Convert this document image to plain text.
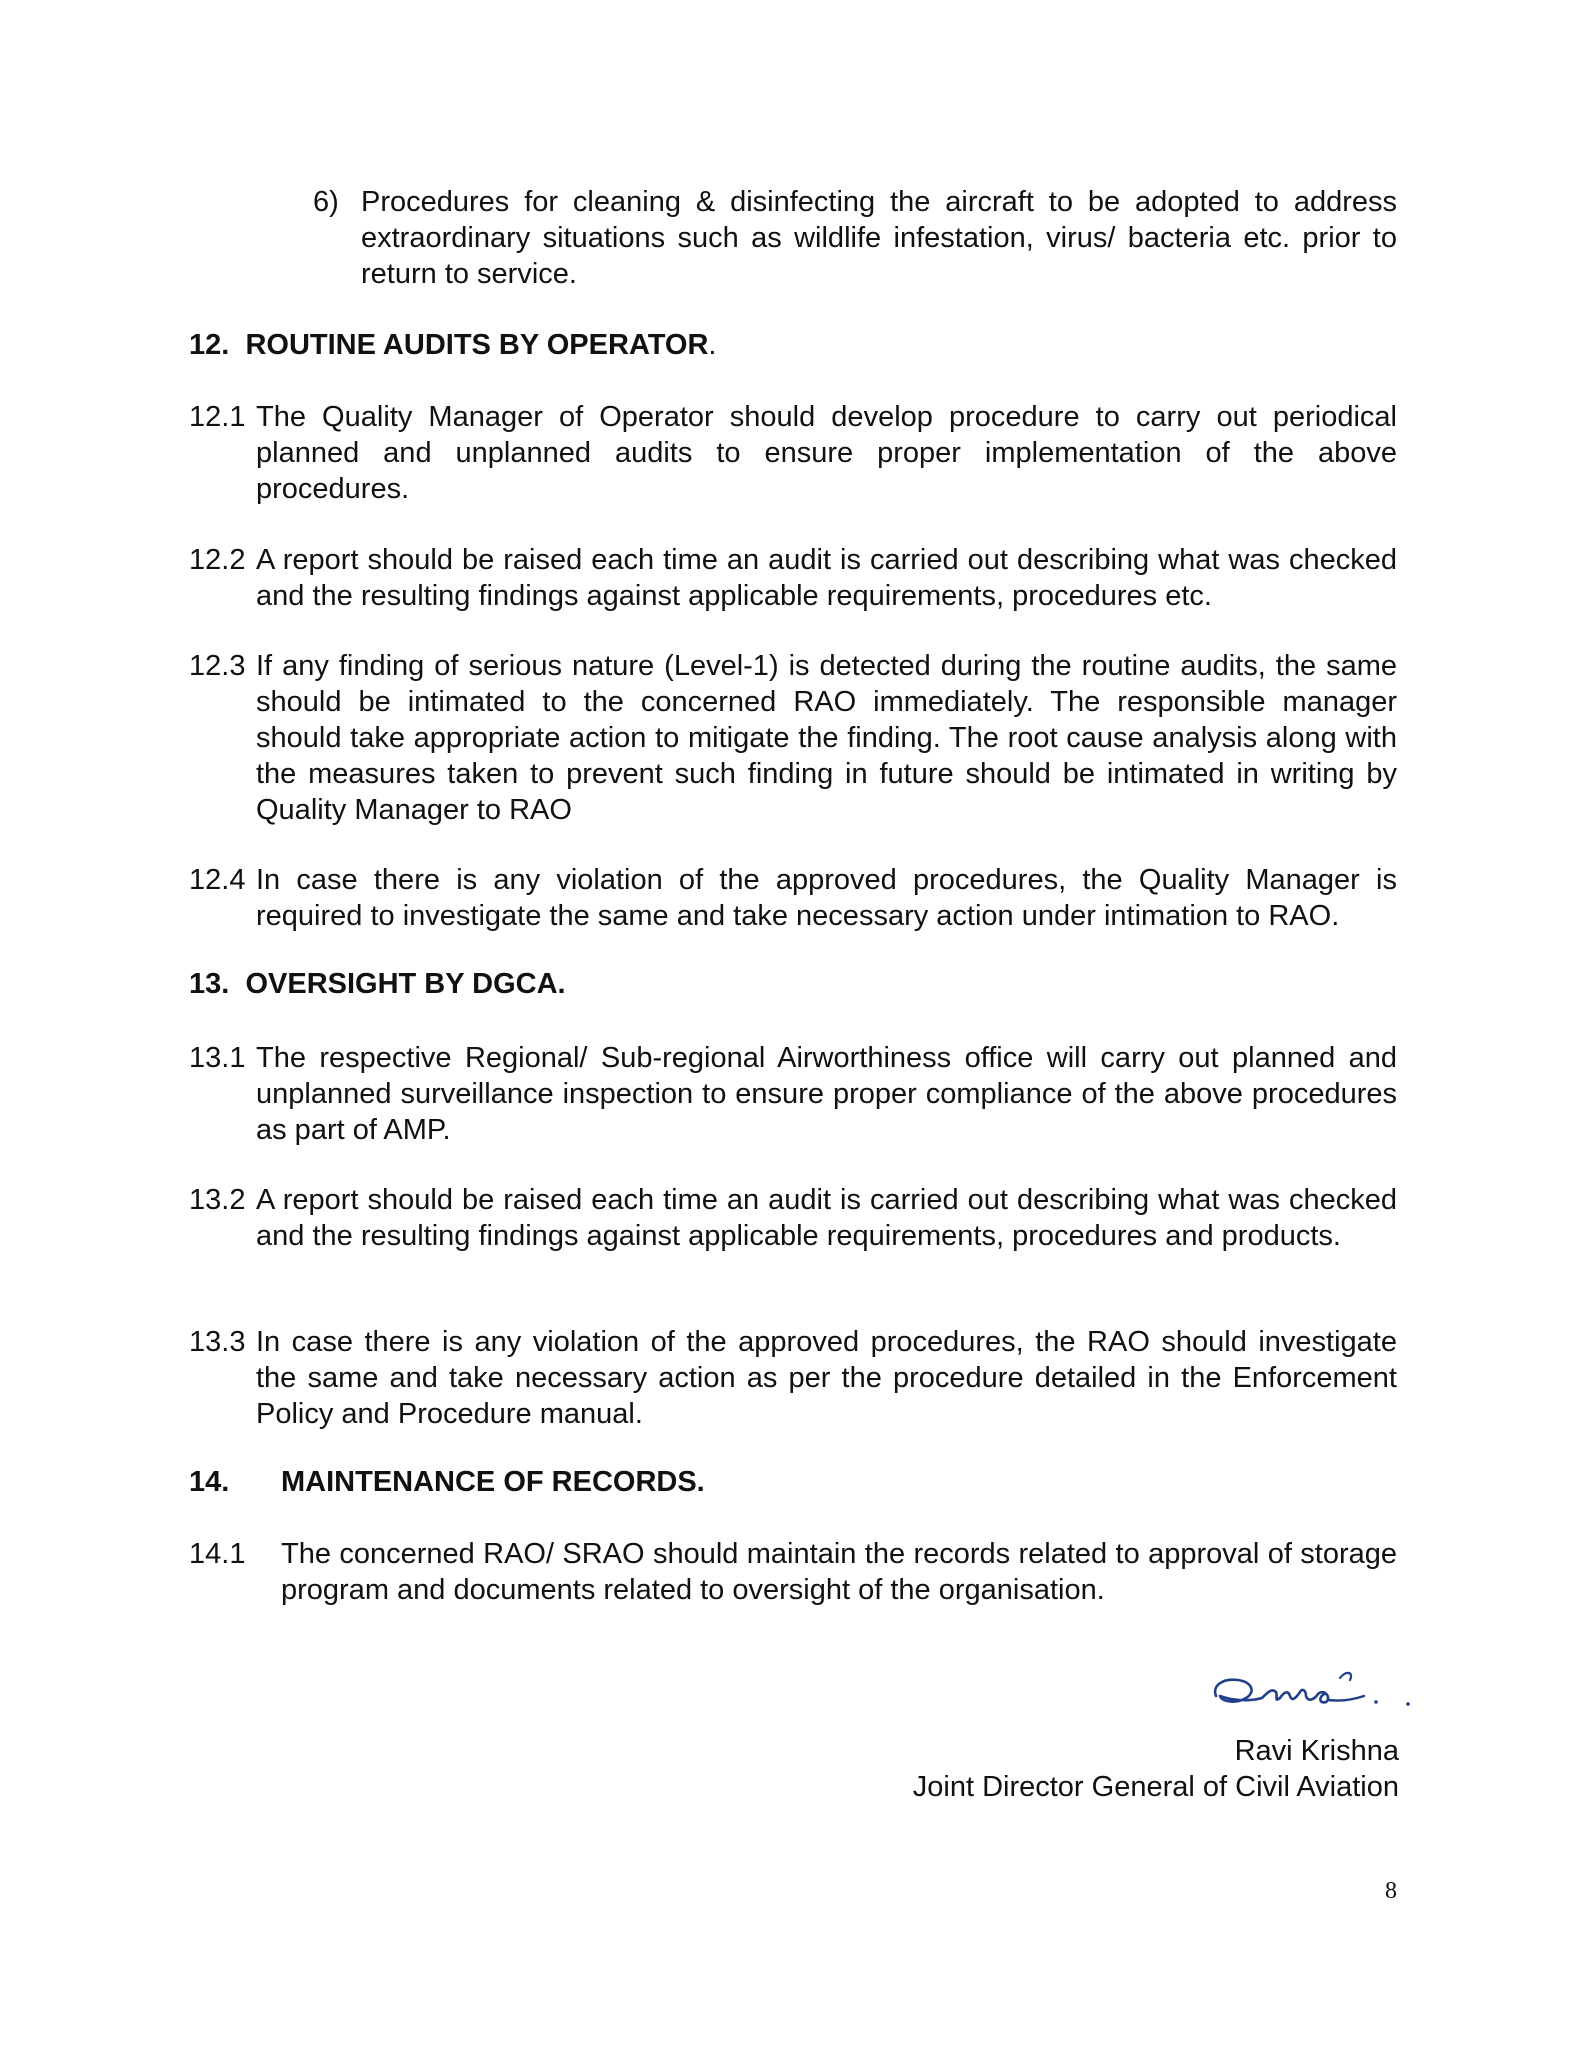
6) Procedures for cleaning & disinfecting the aircraft to be adopted to address extraordinary situations such as wildlife infestation, virus/ bacteria etc. prior to return to service.

12. ROUTINE AUDITS BY OPERATOR.

12.1 The Quality Manager of Operator should develop procedure to carry out periodical planned and unplanned audits to ensure proper implementation of the above procedures.

12.2 A report should be raised each time an audit is carried out describing what was checked and the resulting findings against applicable requirements, procedures etc.

12.3 If any finding of serious nature (Level-1) is detected during the routine audits, the same should be intimated to the concerned RAO immediately. The responsible manager should take appropriate action to mitigate the finding. The root cause analysis along with the measures taken to prevent such finding in future should be intimated in writing by Quality Manager to RAO

12.4 In case there is any violation of the approved procedures, the Quality Manager is required to investigate the same and take necessary action under intimation to RAO.

13. OVERSIGHT BY DGCA.

13.1 The respective Regional/ Sub-regional Airworthiness office will carry out planned and unplanned surveillance inspection to ensure proper compliance of the above procedures as part of AMP.

13.2 A report should be raised each time an audit is carried out describing what was checked and the resulting findings against applicable requirements, procedures and products.

13.3 In case there is any violation of the approved procedures, the RAO should investigate the same and take necessary action as per the procedure detailed in the Enforcement Policy and Procedure manual.

14. MAINTENANCE OF RECORDS.
14.1 The concerned RAO/ SRAO should maintain the records related to approval of storage program and documents related to oversight of the organisation.

Ravi Krishna
Joint Director General of Civil Aviation
8
